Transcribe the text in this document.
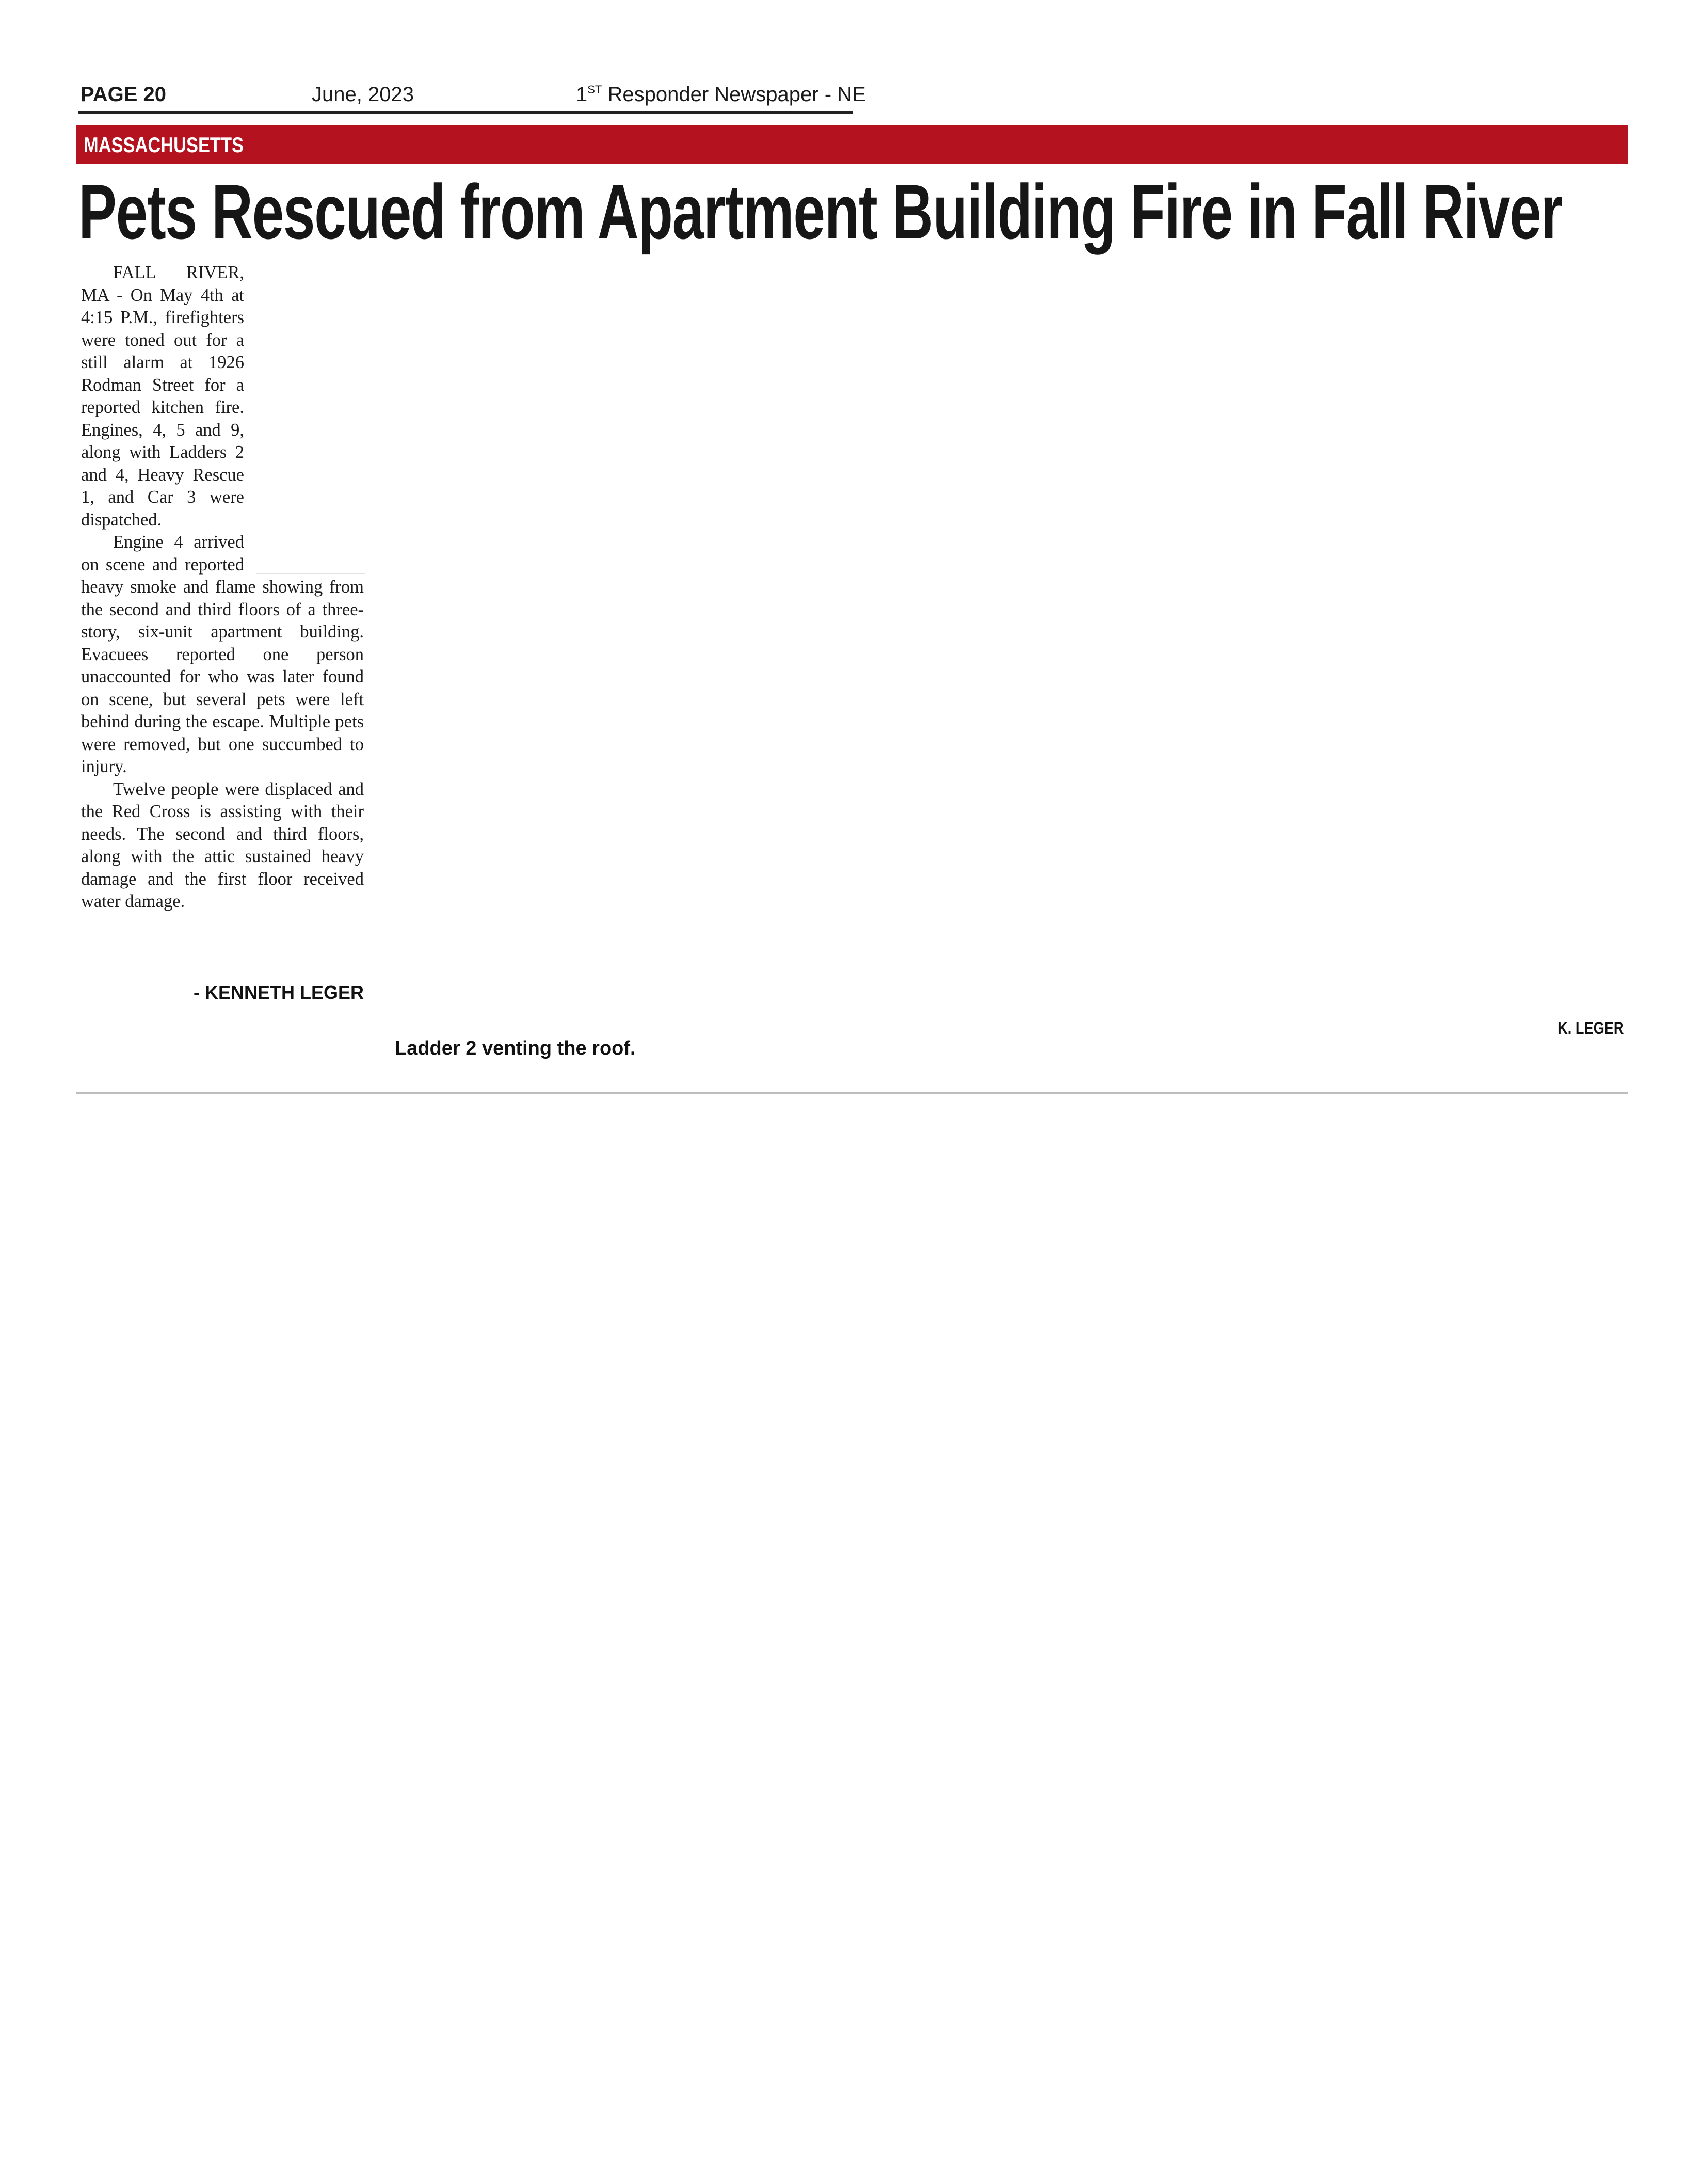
PAGE 20	June, 2023	1ST Responder Newspaper - NE
MASSACHUSETTS
Pets Rescued from Apartment Building Fire in Fall River

FALL RIVER, MA - On May 4th at 4:15 P.M., firefighters were toned out for a still alarm at 1926 Rodman Street for a reported kitchen fire. Engines, 4, 5 and 9, along with Ladders 2 and 4, Heavy Rescue 1, and Car 3 were dispatched.

Engine 4 arrived on scene and reported heavy smoke and flame showing from the second and third floors of a three-story, six-unit apartment building. Evacuees reported one person unaccounted for who was later found on scene, but several pets were left behind during the escape. Multiple pets were removed, but one succumbed to injury.

Twelve people were displaced and the Red Cross is assisting with their needs. The second and third floors, along with the attic sustained heavy damage and the first floor received water damage.

- KENNETH LEGER
K. LEGER
Ladder 2 venting the roof.
